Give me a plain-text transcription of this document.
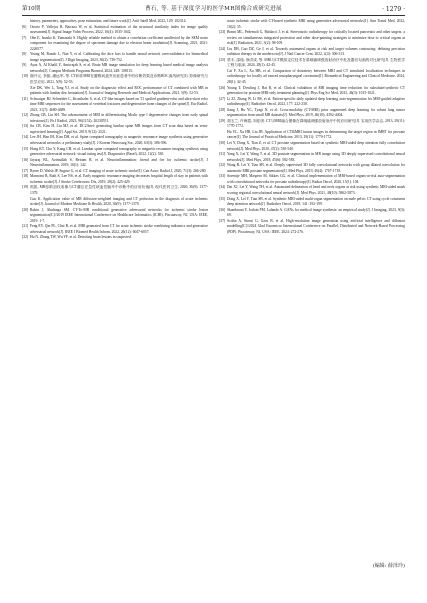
第10期	曹石, 等. 基于深度学习的医学MR图像合成研究进展	· 1279 ·

history, parameters, approaches, pose estimation, and future work[J]. Artif Intell Med, 2022, 129: 102314.

[6] Osorio F, Vallejos R, Barraza W, et al. Statistical estimation of the structural similarity index for image quality assessment[J]. Signal Image Video Process, 2022, 16(4): 1035-1042.

[7] Obe E, Izuuka K, Yamazaki S. Highly reliable method to obtain a correlation coefficient unaffected by the SEM noise component for examining the degree of specimen damage due to electron beam irradiation[J]. Scanning, 2021, 2021: 2226577.

[8] Yeung M, Rundo L, Nan Y, et al. Calibrating the dice loss to handle neural network overconfidence for biomedical image segmentation[J]. J Digit Imaging, 2023, 36(2): 739-752.

[9] Ayaz A, Al Khalil Y, Amirrajab S, et al. Brain MR image simulation for deep learning based medical image analysis networks[J]. Comput Methods Programs Biomed, 2024, 248: 108115.

[10] 谢开元, 李振, 潘远军, 等. CT和非MRI在腰椎间盘突出症患者中的诊断效果及诊断ROC曲线研究[J]. 影像研究与医学应用, 2021, 5(9): 52-53.

Xie DK, Wei L, Tang YJ, et al. Study on the diagnostic effect and ROC performance of CT combined with MR in patients with lumbar disc herniation[J]. Journal of Imaging Research and Medical Applications, 2021, 5(9): 52-53.

[11] Schwaiger BJ, Schneider C, Kronthaler S, et al. CT-like images based on T1 spoiled gradient-echo and ultra-short echo time MRI sequences for the assessment of vertebral fractures and degenerative bone changes of the spine[J]. Eur Radiol, 2021, 31(7): 4680-4689.

[12] Zhang CB, Liu SH. The advancement of MRI in differentiating Modic type I degenerative changes from early spinal infections[J]. Br J Radiol, 2023, 96(1152): 20230551.

[13] Jin CB, Kim H, Liu MJ, et al. DC2Anet: generating lumbar spine MR images from CT scan data based on semi-supervised learning[J]. Appl Sci, 2019, 9(12): 2521.

[14] Lee JH, Han IH, Kim DH, et al. Spine computed tomography to magnetic resonance image synthesis using generative adversarial networks: a preliminary study[J]. J Korean Neurosurg Soc, 2020, 63(3): 386-396.

[15] Hong KT, Cho Y, Kang CH, et al. Lumbar spine computed tomography to magnetic resonance imaging synthesis using generative adversarial network: visual turing test[J]. Diagnostics (Basel), 2022, 12(2): 530.

[16] Jayaraj BL, Azimullah S, Beiram R, et al. Neuroinflammation: friend and foe for ischemic stroke[J]. J Neuroinflammation, 2019, 16(1): 142.

[17] Byrne D, Walsh JP, Sugrue G, et al. CT imaging of acute ischemic stroke[J]. Can Assoc Radiol J, 2020, 71(3): 266-280.

[18] Manwani B, Rath S, Lee NS, et al. Early magnetic resonance imaging decreases hospital length of stay in patients with ischemic stroke[J]. J Stroke Cerebrovasc Dis, 2019, 28(2): 425-429.

[19] 郭凯, MR弥散加权成像与CT灌注在急性缺血性脑卒中诊断中的应用价值[J]. 现代医药卫生, 2020, 36(9): 1377-1379.

Guo K. Application value of MR diffusion-weighted imaging and CT perfusion in the diagnosis of acute ischemic stroke[J]. Journal of Modern Medicine & Health, 2020, 36(9): 1377-1379.

[20] Rubin J, Abulnaga SM. CT-To-MR conditional generative adversarial networks for ischemic stroke lesion segmentation[C]//2019 IEEE International Conference on Healthcare Informatics (ICHI). Piscataway, NJ, USA: IEEE, 2019: 1-7.

[21] Feng EY, Qin PL, Chai R, et al. MRI generated from CT for acute ischemic stroke combining radiomics and generative adversarial network[J]. IEEE J Biomed Health Inform, 2022, 26(12): 6047-6057.

[22] Hu N, Zhang TW, Wu YF, et al. Detecting brain lesions in suspected

acute ischemic stroke with CT-based synthetic MRI using generative adversarial networks[J]. Ann Transl Med, 2022, 10(2): 35.

[23] Bonni ML, Pedemoli G, Baldacci J, et al. Stereotactic radiotherapy for critically located pancreatic and other targets: a review on simultaneous integrated protection and other dose-painting strategies to minimize dose to critical organs at risk[J]. Radiation, 2021, 3(2): 98-109.

[24] Liu DB, Guo DZ, Ge J, et al. Towards automated organs at risk and target volumes contouring: defining precision radiation therapy in the modern era[J]. J Natl Cancer Cent, 2022, 2(4): 306-313.

[25] 蔡丰, 邵瑞, 徐洪成, 等. MRI与CT模拟定位技术在鼻咽癌调强放射治疗中危及器官勾画的对比研究[J]. 生物医学工程与临床, 2024, 28(1): 42-45.

Cai F, Xu L, Xu HB, et al. Comparison of dosimetry between MRI and CT simulated localization techniques in radiotherapy for locally ad vanced nasopharyngeal carcinoma[J]. Biomedical Engineering and Clinical Medicine, 2024, 28(1): 42-45.

[26] Young T, Dowling J, Rai R, et al. Clinical validation of MR imaging time reduction for substitute/synthetic CT generation for prostate MRI-only treatment planning[J]. Phys Eng Sci Med, 2023, 46(3): 1015-1021.

[27] Li ZJ, Zhang W, Li BS, et al. Patient-specific daily updated deep learning auto-segmentation for MRI-guided adaptive radiotherapy[J]. Radiother Oncol, 2022, 177: 222-230.

[28] Jiang J, Hu YC, Tyagi N, et al. Cross-modality (CT-MRI) prior augmented deep learning for robust lung tumor segmentation from small MR datasets[J]. Med Phys, 2019, 46(10): 4392-4404.

[29] 胡玉兰, 许海霞, 刘佳琪. CT与MRI融合图像在鼻咽癌调强放射治疗中的应用研究[J]. 实用医学杂志, 2013, 29(11): 1770-1772.

Hu YL, Xu HR, Liu JB. Application of CT&MRI fusion images in determining the target region in IMRT for prostate cancer[J]. The Journal of Practical Medicine, 2013, 29(11): 1770-1772.

[30] Lei Y, Dong X, Tian Z, et al. CT prostate segmentation based on synthetic MRI-aided deep attention fully convolution network[J]. Med Phys, 2020, 47(2): 530-540.

[31] Yang X, Lei Y, Wang T, et al. 3D prostate segmentation in MR image using 3D deeply supervised convolutional neural networks[J]. Med Phys, 2018, 45(6): 582-583.

[32] Wang B, Lei Y, Tian SB, et al. Deeply supervised 3D fully convolutional networks with group dilated convolution for automatic MRI prostate segmentation[J]. Med Phys, 2019, 46(4): 1707-1718.

[33] Savenije MH, Maspero M, Sikkes GG, et al. Clinical implementation of MRI-based organs-at-risk auto-segmentation with convolutional networks for prostate radiotherapy[J]. Radiat Oncol, 2020, 15(1): 104.

[34] Dai XJ, Lei Y, Wang TH, et al. Automated delineation of head and neck organs at risk using synthetic MRI-aided mask scoring regional convolutional neural network[J]. Med Phys, 2021, 48(10): 5862-5873.

[35] Dong X, Lei Y, Tian SB, et al. Synthetic MRI-aided multi-organ segmentation on male pelvic CT using cycle consistent deep attention network[J]. Radiother Oncol, 2019, 141: 192-199.

[36] Skandarani Y, Jodoin PM, Lalande A. GANs for medical image synthesis: an empirical study[J]. J Imaging, 2023, 9(3): 69.

[37] Scolin A, Sironi G, Geru B, et al. High-resolution image generation using artificial intelligence and diffusion modelling[C]//2024 32nd Euromicro International Conference on Parallel, Distributed and Network-Based Processing (PDP). Piscataway, NJ, USA: IEEE, 2024: 272-276.

(编辑: 薛泽玲)
